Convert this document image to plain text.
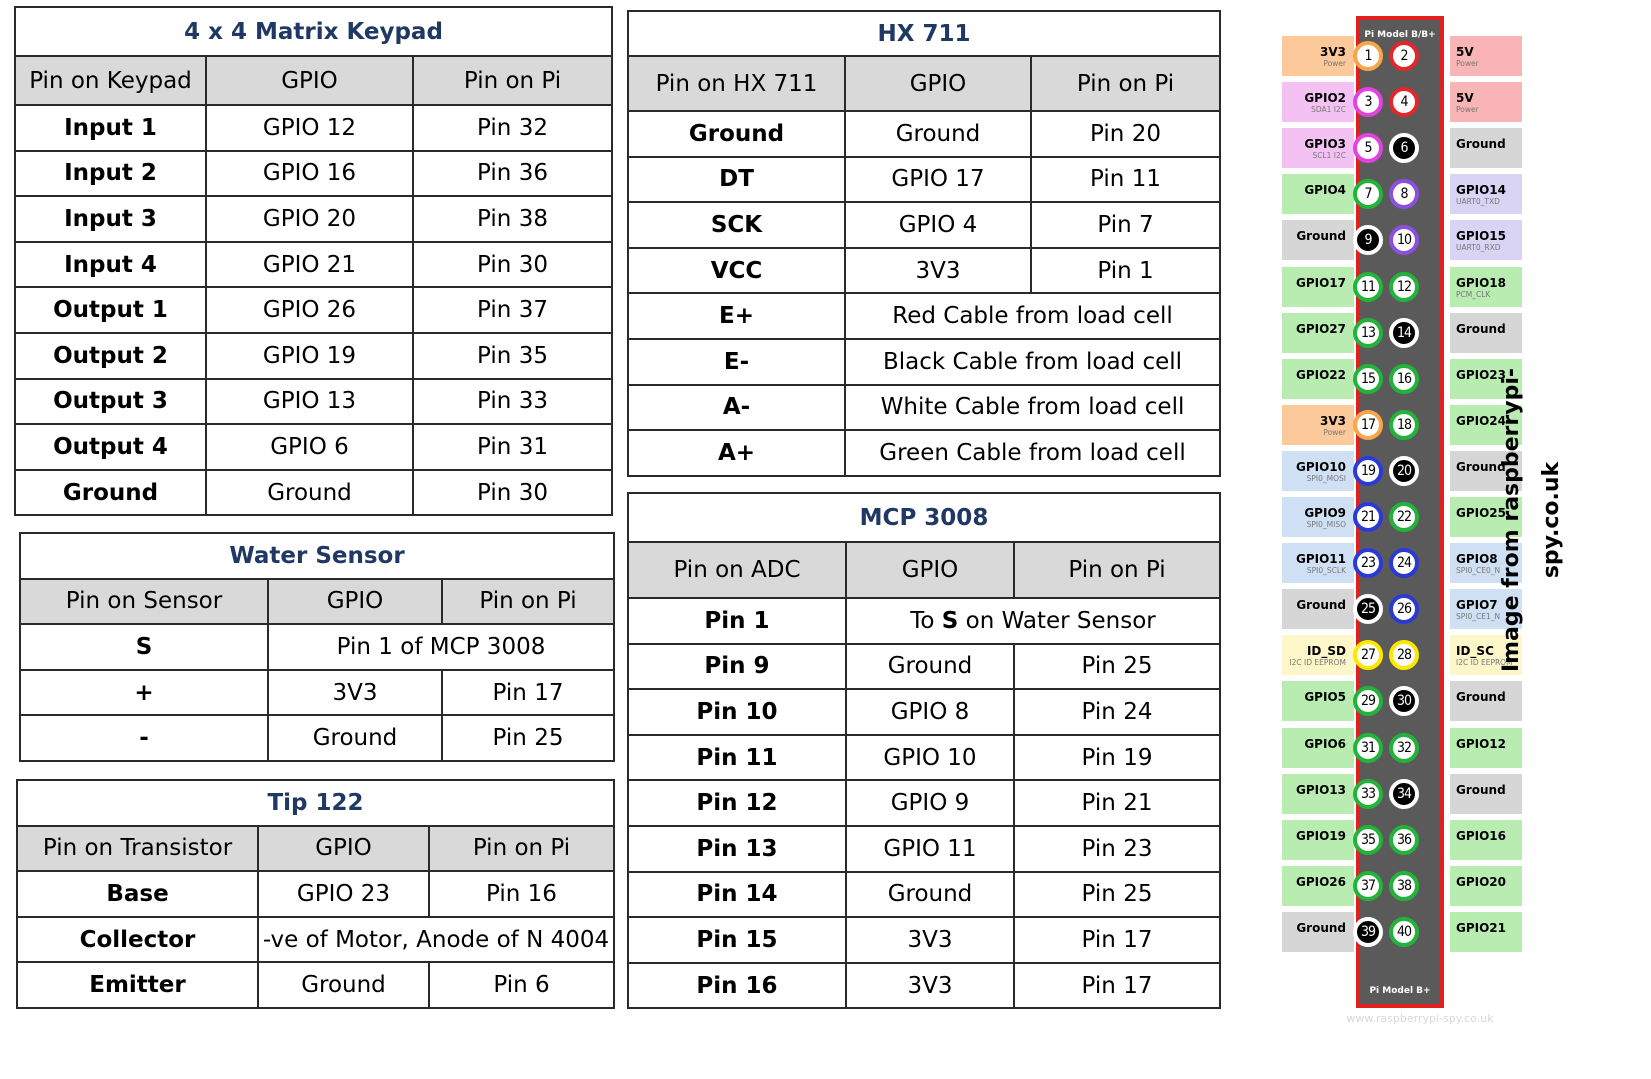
4 x 4 Matrix Keypad		
Pin on Keypad	GPIO	Pin on Pi
Input 1	GPIO 12	Pin 32
Input 2	GPIO 16	Pin 36
Input 3	GPIO 20	Pin 38
Input 4	GPIO 21	Pin 30
Output 1	GPIO 26	Pin 37
Output 2	GPIO 19	Pin 35
Output 3	GPIO 13	Pin 33
Output 4	GPIO 6	Pin 31
Ground	Ground	Pin 30
Water Sensor		
Pin on Sensor	GPIO	Pin on Pi
S	Pin 1 of MCP 3008	
+	3V3	Pin 17
-	Ground	Pin 25
Tip 122		
Pin on Transistor	GPIO	Pin on Pi
Base	GPIO 23	Pin 16
Collector	-ve of Motor, Anode of N 4004	
Emitter	Ground	Pin 6
HX 711		
Pin on HX 711	GPIO	Pin on Pi
Ground	Ground	Pin 20
DT	GPIO 17	Pin 11
SCK	GPIO 4	Pin 7
VCC	3V3	Pin 1
E+	Red Cable from load cell	
E-	Black Cable from load cell	
A-	White Cable from load cell	
A+	Green Cable from load cell	
MCP 3008		
Pin on ADC	GPIO	Pin on Pi
Pin 1	To S on Water Sensor	
Pin 9	Ground	Pin 25
Pin 10	GPIO 8	Pin 24
Pin 11	GPIO 10	Pin 19
Pin 12	GPIO 9	Pin 21
Pin 13	GPIO 11	Pin 23
Pin 14	Ground	Pin 25
Pin 15	3V3	Pin 17
Pin 16	3V3	Pin 17
Pi Model B/B+
Pi Model B+
3V3
Power
5V
Power
1	2
GPIO2
SDA1 I2C
5V
Power
3	4
GPIO3
SCL1 I2C
Ground
5	6
GPIO4	GPIO14
UART0_TXD
7	8
Ground	GPIO15
UART0_RXD
9	10
GPIO17	GPIO18
PCM_CLK
11	12
GPIO27	Ground
13	14
GPIO22	GPIO23
15	16
3V3
Power
GPIO24
17	18
GPIO10
SPI0_MOSI
Ground
19	20
GPIO9
SPI0_MISO
GPIO25
21	22
GPIO11
SPI0_SCLK
GPIO8
SPI0_CE0_N
23	24
Ground	GPIO7
SPI0_CE1_N
25	26
ID_SD
I2C ID EEPROM
ID_SC
I2C ID EEPROM
27	28
GPIO5	Ground
29	30
GPIO6	GPIO12
31	32
GPIO13	Ground
33	34
GPIO19	GPIO16
35	36
GPIO26	GPIO20
37	38
Ground	GPIO21
39	40
Image from raspberrypi-spy.co.uk
www.raspberrypi-spy.co.uk
